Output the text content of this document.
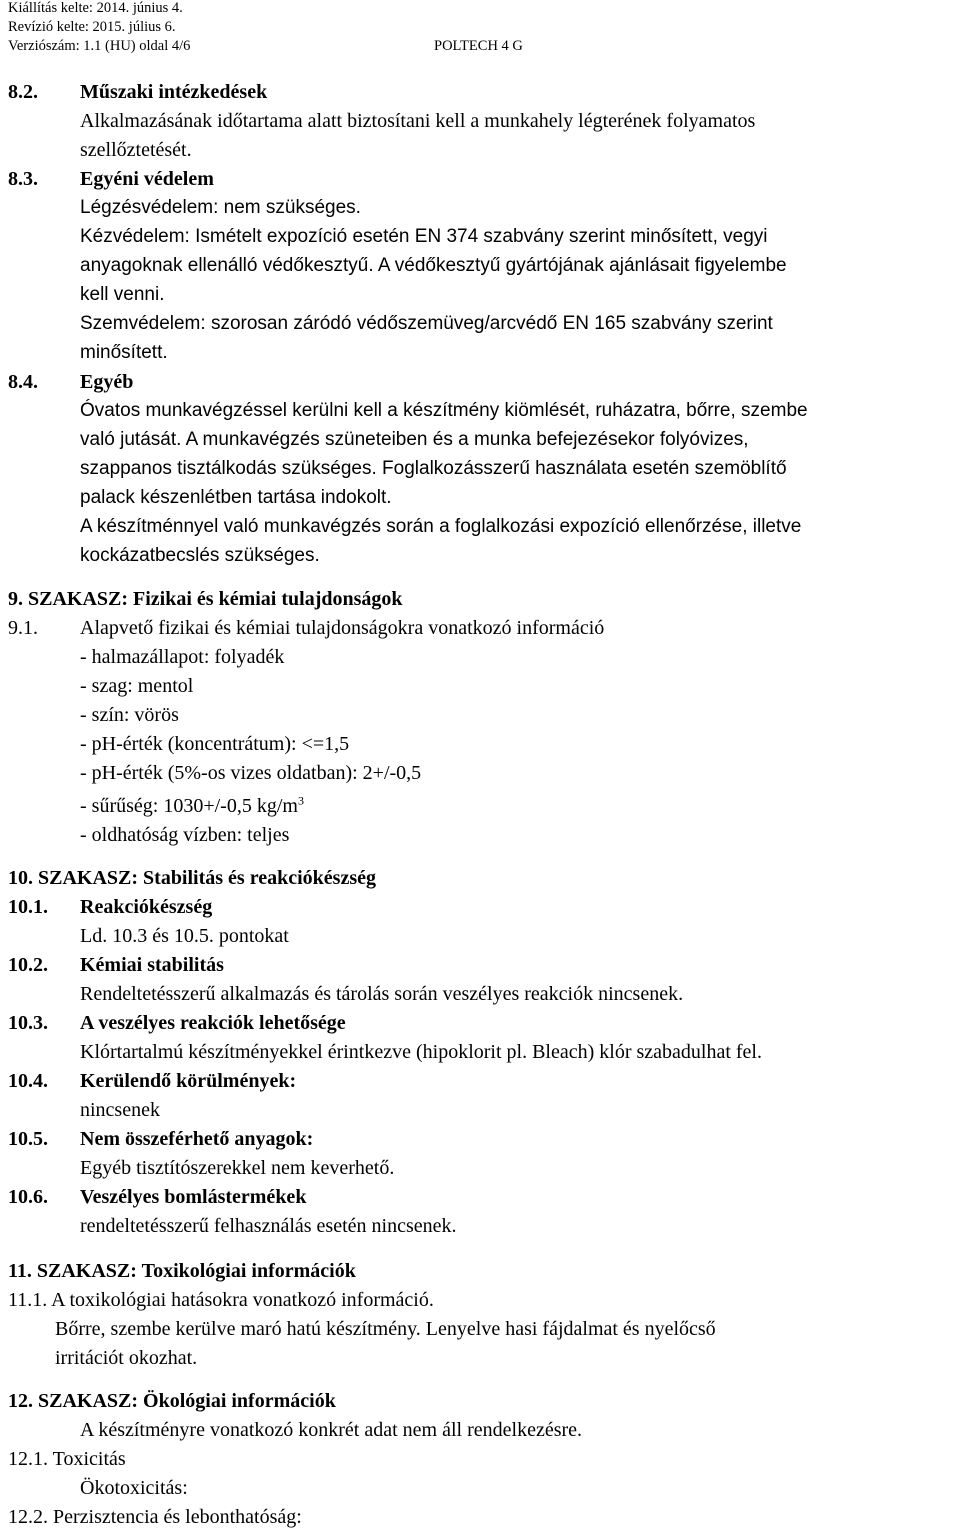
Kiállítás kelte: 2014. június 4.
Revízió kelte: 2015. július 6.
Verziószám: 1.1 (HU) oldal 4/6	POLTECH 4 G
8.2. Műszaki intézkedések
Alkalmazásának időtartama alatt biztosítani kell a munkahely légterének folyamatos
szellőztetését.
8.3. Egyéni védelem
Légzésvédelem: nem szükséges.
Kézvédelem: Ismételt expozíció esetén EN 374 szabvány szerint minősített, vegyi
anyagoknak ellenálló védőkesztyű. A védőkesztyű gyártójának ajánlásait figyelembe
kell venni.
Szemvédelem: szorosan záródó védőszemüveg/arcvédő EN 165 szabvány szerint
minősített.
8.4. Egyéb
Óvatos munkavégzéssel kerülni kell a készítmény kiömlését, ruházatra, bőrre, szembe
való jutását. A munkavégzés szüneteiben és a munka befejezésekor folyóvizes,
szappanos tisztálkodás szükséges. Foglalkozásszerű használata esetén szemöblítő
palack készenlétben tartása indokolt.
A készítménnyel való munkavégzés során a foglalkozási expozíció ellenőrzése, illetve
kockázatbecslés szükséges.
9. SZAKASZ: Fizikai és kémiai tulajdonságok
9.1. Alapvető fizikai és kémiai tulajdonságokra vonatkozó információ
- halmazállapot: folyadék
- szag: mentol
- szín: vörös
- pH-érték (koncentrátum): <=1,5
- pH-érték (5%-os vizes oldatban): 2+/-0,5
- sűrűség: 1030+/-0,5 $kg/m^3$
- oldhatóság vízben: teljes
10. SZAKASZ: Stabilitás és reakciókészség
10.1. Reakciókészség
Ld. 10.3 és 10.5. pontokat
10.2. Kémiai stabilitás
Rendeltetésszerű alkalmazás és tárolás során veszélyes reakciók nincsenek.
10.3. A veszélyes reakciók lehetősége
Klórtartalmú készítményekkel érintkezve (hipoklorit pl. Bleach) klór szabadulhat fel.
10.4. Kerülendő körülmények:
nincsenek
10.5. Nem összeférhető anyagok:
Egyéb tisztítószerekkel nem keverhető.
10.6. Veszélyes bomlástermékek
rendeltetésszerű felhasználás esetén nincsenek.
11. SZAKASZ: Toxikológiai információk
11.1. A toxikológiai hatásokra vonatkozó információ.
Bőrre, szembe kerülve maró hatú készítmény. Lenyelve hasi fájdalmat és nyelőcső
irritációt okozhat.
12. SZAKASZ: Ökológiai információk
A készítményre vonatkozó konkrét adat nem áll rendelkezésre.
12.1. Toxicitás
Ökotoxicitás:
12.2. Perzisztencia és lebonthatóság:
